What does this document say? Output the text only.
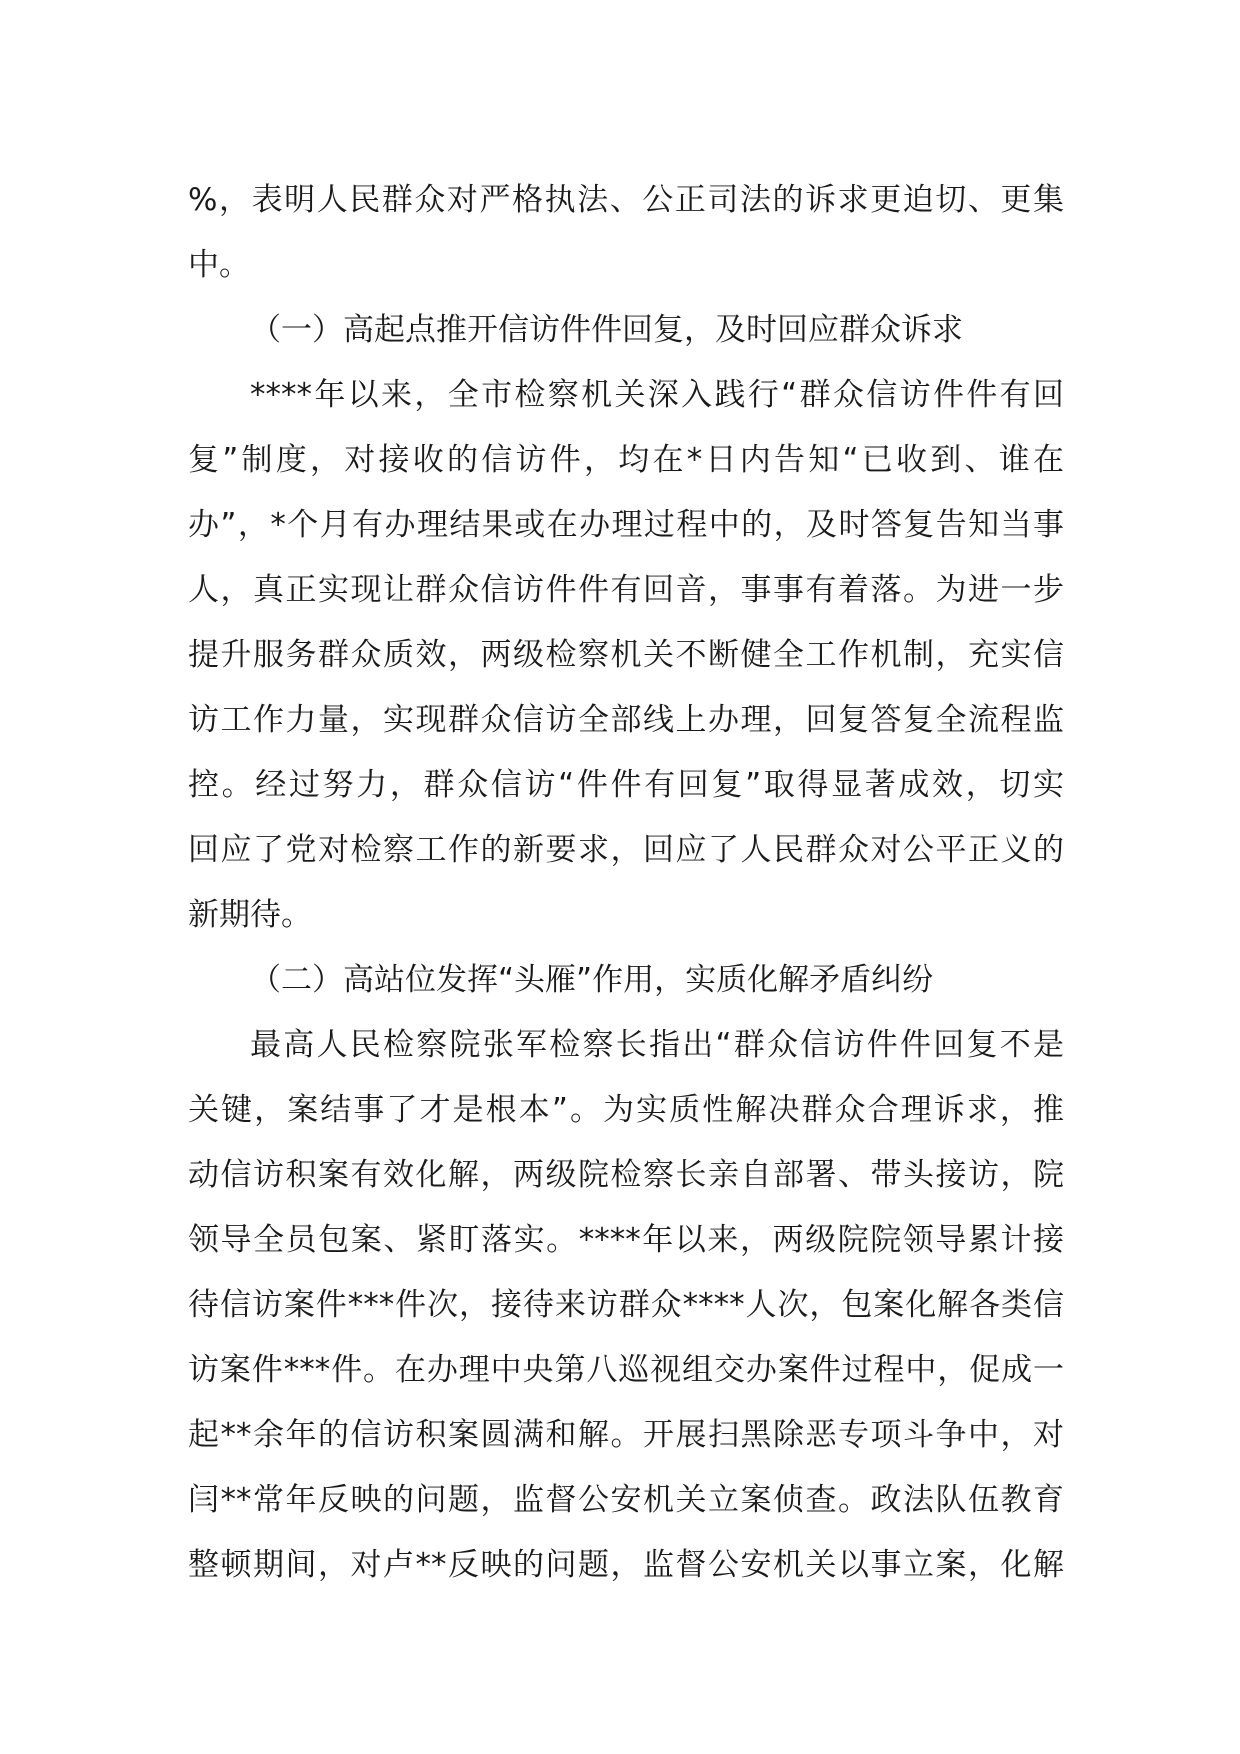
%，表明人民群众对严格执法、公正司法的诉求更迫切、更集
中。
（一）高起点推开信访件件回复，及时回应群众诉求
****年以来，全市检察机关深入践行“群众信访件件有回
复”制度，对接收的信访件，均在*日内告知“已收到、谁在
办”，*个月有办理结果或在办理过程中的，及时答复告知当事
人，真正实现让群众信访件件有回音，事事有着落。为进一步
提升服务群众质效，两级检察机关不断健全工作机制，充实信
访工作力量，实现群众信访全部线上办理，回复答复全流程监
控。经过努力，群众信访“件件有回复”取得显著成效，切实
回应了党对检察工作的新要求，回应了人民群众对公平正义的
新期待。
（二）高站位发挥“头雁”作用，实质化解矛盾纠纷
最高人民检察院张军检察长指出“群众信访件件回复不是
关键，案结事了才是根本”。为实质性解决群众合理诉求，推
动信访积案有效化解，两级院检察长亲自部署、带头接访，院
领导全员包案、紧盯落实。****年以来，两级院院领导累计接
待信访案件***件次，接待来访群众****人次，包案化解各类信
访案件***件。在办理中央第八巡视组交办案件过程中，促成一
起**余年的信访积案圆满和解。开展扫黑除恶专项斗争中，对
闫**常年反映的问题，监督公安机关立案侦查。政法队伍教育
整顿期间，对卢**反映的问题，监督公安机关以事立案，化解
